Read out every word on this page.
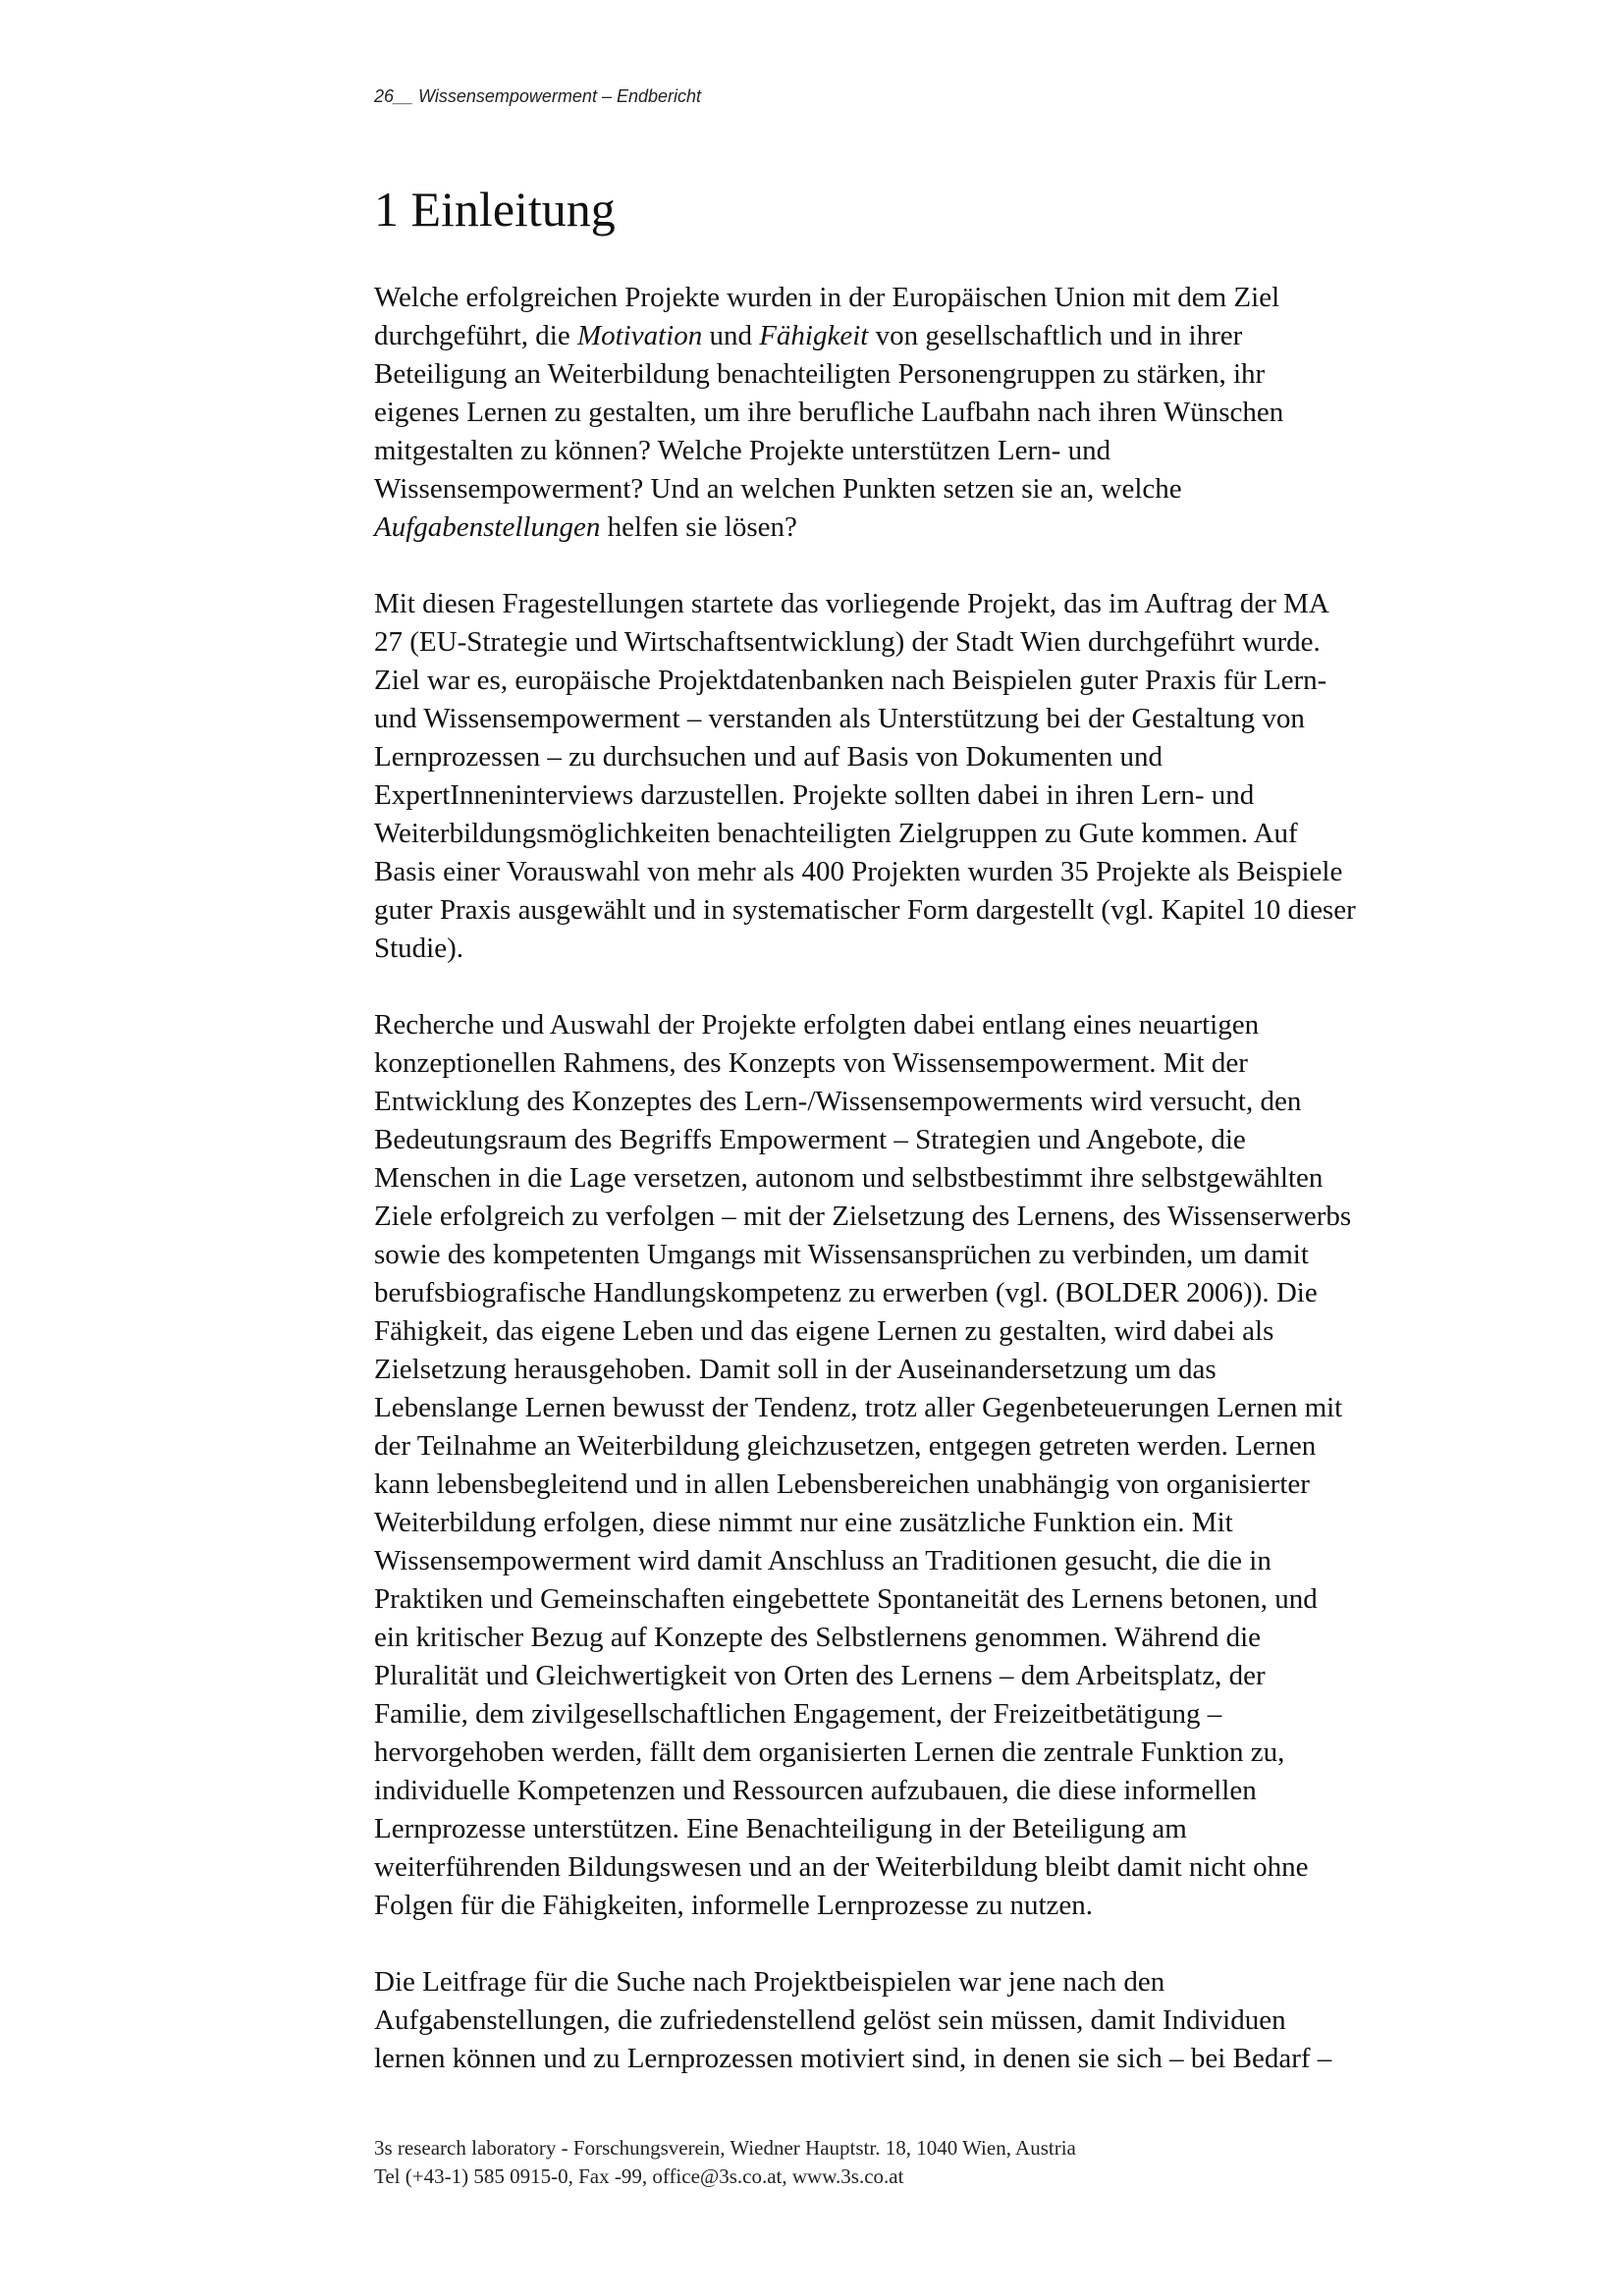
26__ Wissensempowerment – Endbericht
1 Einleitung
Welche erfolgreichen Projekte wurden in der Europäischen Union mit dem Ziel
durchgeführt, die Motivation und Fähigkeit von gesellschaftlich und in ihrer
Beteiligung an Weiterbildung benachteiligten Personengruppen zu stärken, ihr
eigenes Lernen zu gestalten, um ihre berufliche Laufbahn nach ihren Wünschen
mitgestalten zu können? Welche Projekte unterstützen Lern- und
Wissensempowerment? Und an welchen Punkten setzen sie an, welche
Aufgabenstellungen helfen sie lösen?
Mit diesen Fragestellungen startete das vorliegende Projekt, das im Auftrag der MA
27 (EU-Strategie und Wirtschaftsentwicklung) der Stadt Wien durchgeführt wurde.
Ziel war es, europäische Projektdatenbanken nach Beispielen guter Praxis für Lern-
und Wissensempowerment – verstanden als Unterstützung bei der Gestaltung von
Lernprozessen – zu durchsuchen und auf Basis von Dokumenten und
ExpertInneninterviews darzustellen. Projekte sollten dabei in ihren Lern- und
Weiterbildungsmöglichkeiten benachteiligten Zielgruppen zu Gute kommen. Auf
Basis einer Vorauswahl von mehr als 400 Projekten wurden 35 Projekte als Beispiele
guter Praxis ausgewählt und in systematischer Form dargestellt (vgl. Kapitel 10 dieser
Studie).
Recherche und Auswahl der Projekte erfolgten dabei entlang eines neuartigen
konzeptionellen Rahmens, des Konzepts von Wissensempowerment. Mit der
Entwicklung des Konzeptes des Lern-/Wissensempowerments wird versucht, den
Bedeutungsraum des Begriffs Empowerment – Strategien und Angebote, die
Menschen in die Lage versetzen, autonom und selbstbestimmt ihre selbstgewählten
Ziele erfolgreich zu verfolgen – mit der Zielsetzung des Lernens, des Wissenserwerbs
sowie des kompetenten Umgangs mit Wissensansprüchen zu verbinden, um damit
berufsbiografische Handlungskompetenz zu erwerben (vgl. (BOLDER 2006)). Die
Fähigkeit, das eigene Leben und das eigene Lernen zu gestalten, wird dabei als
Zielsetzung herausgehoben. Damit soll in der Auseinandersetzung um das
Lebenslange Lernen bewusst der Tendenz, trotz aller Gegenbeteuerungen Lernen mit
der Teilnahme an Weiterbildung gleichzusetzen, entgegen getreten werden. Lernen
kann lebensbegleitend und in allen Lebensbereichen unabhängig von organisierter
Weiterbildung erfolgen, diese nimmt nur eine zusätzliche Funktion ein. Mit
Wissensempowerment wird damit Anschluss an Traditionen gesucht, die die in
Praktiken und Gemeinschaften eingebettete Spontaneität des Lernens betonen, und
ein kritischer Bezug auf Konzepte des Selbstlernens genommen. Während die
Pluralität und Gleichwertigkeit von Orten des Lernens – dem Arbeitsplatz, der
Familie, dem zivilgesellschaftlichen Engagement, der Freizeitbetätigung –
hervorgehoben werden, fällt dem organisierten Lernen die zentrale Funktion zu,
individuelle Kompetenzen und Ressourcen aufzubauen, die diese informellen
Lernprozesse unterstützen. Eine Benachteiligung in der Beteiligung am
weiterführenden Bildungswesen und an der Weiterbildung bleibt damit nicht ohne
Folgen für die Fähigkeiten, informelle Lernprozesse zu nutzen.
Die Leitfrage für die Suche nach Projektbeispielen war jene nach den
Aufgabenstellungen, die zufriedenstellend gelöst sein müssen, damit Individuen
lernen können und zu Lernprozessen motiviert sind, in denen sie sich – bei Bedarf –
3s research laboratory - Forschungsverein, Wiedner Hauptstr. 18, 1040 Wien, Austria
Tel (+43-1) 585 0915-0, Fax -99, office@3s.co.at, www.3s.co.at
